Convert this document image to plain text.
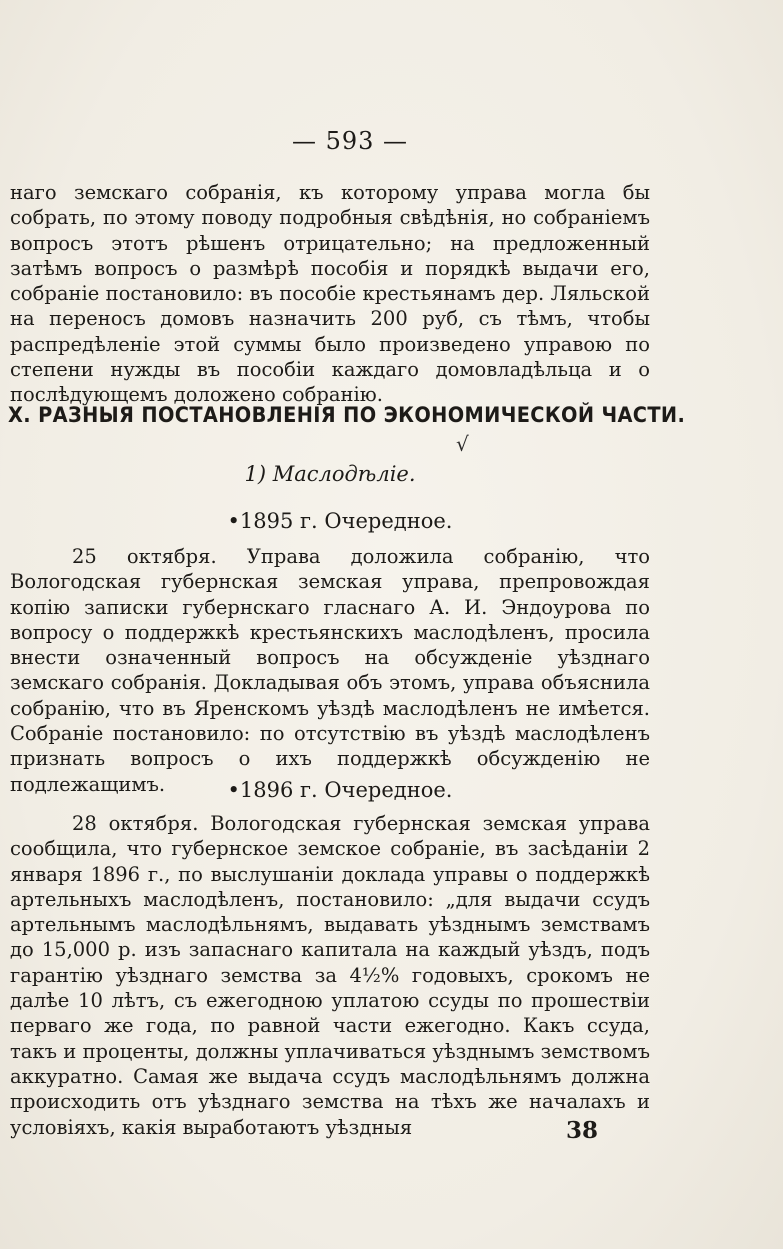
— 593 —
наго земскаго собранія, къ которому управа могла бы собрать, по этому поводу подробныя свѣдѣнія, но собраніемъ вопросъ этотъ рѣшенъ отрицательно; на предложенный затѣмъ вопросъ о размѣрѣ пособія и порядкѣ выдачи его, собраніе постановило: въ пособіе крестьянамъ дер. Ляльской на переносъ домовъ назначить 200 руб, съ тѣмъ, чтобы распредѣленіе этой суммы было произведено управою по степени нужды въ пособіи каждаго домовладѣльца и о послѣдующемъ доложено собранію.
X. РАЗНЫЯ ПОСТАНОВЛЕНІЯ ПО ЭКОНОМИЧЕСКОЙ ЧАСТИ.
√
1) Маслодѣліе.
•1895 г. Очередное.
25 октября. Управа доложила собранію, что Вологодская губернская земская управа, препровождая копію записки губернскаго гласнаго А. И. Эндоурова по вопросу о поддержкѣ крестьянскихъ маслодѣленъ, просила внести означенный вопросъ на обсужденіе уѣзднаго земскаго собранія. Докладывая объ этомъ, управа объяснила собранію, что въ Яренскомъ уѣздѣ маслодѣленъ не имѣется. Собраніе постановило: по отсутствію въ уѣздѣ маслодѣленъ признать вопросъ о ихъ поддержкѣ обсужденію не подлежащимъ.	•1896 г. Очередное.
28 октября. Вологодская губернская земская управа сообщила, что губернское земское собраніе, въ засѣданіи 2 января 1896 г., по выслушаніи доклада управы о поддержкѣ артельныхъ маслодѣленъ, постановило: „для выдачи ссудъ артельнымъ маслодѣльнямъ, выдавать уѣзднымъ земствамъ до 15,000 р. изъ запаснаго капитала на каждый уѣздъ, подъ гарантію уѣзднаго земства за 4½% годовыхъ, срокомъ не далѣе 10 лѣтъ, съ ежегодною уплатою ссуды по прошествіи перваго же года, по равной части ежегодно. Какъ ссуда, такъ и проценты, должны уплачиваться уѣзднымъ земствомъ аккуратно. Самая же выдача ссудъ маслодѣльнямъ должна происходить отъ уѣзднаго земства на тѣхъ же началахъ и условіяхъ, какія выработаютъ уѣздныя	38
